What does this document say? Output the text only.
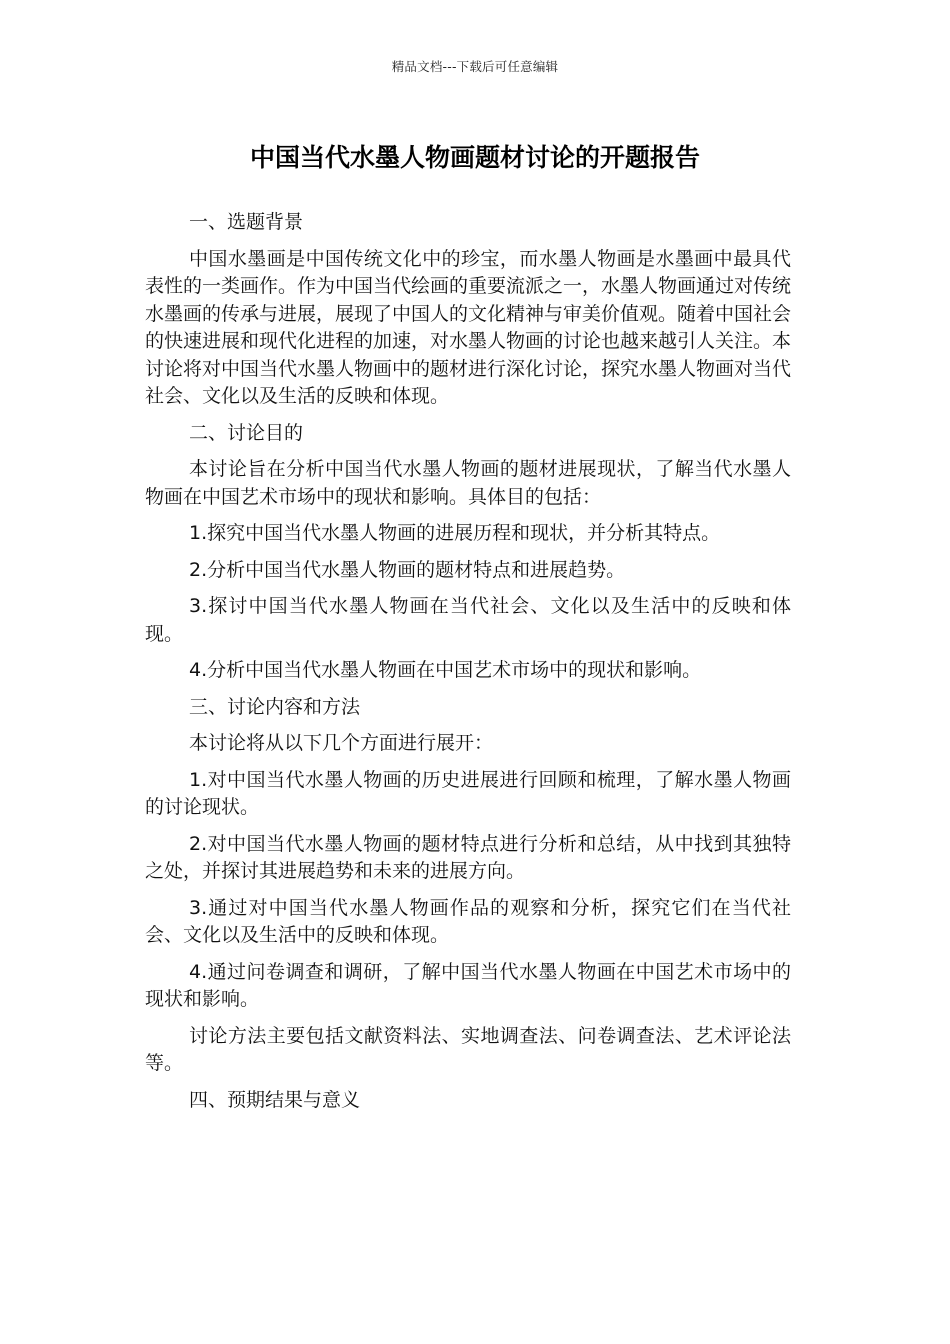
精品文档---下载后可任意编辑
中国当代水墨人物画题材讨论的开题报告

一、选题背景

中国水墨画是中国传统文化中的珍宝，而水墨人物画是水墨画中最具代表性的一类画作。作为中国当代绘画的重要流派之一，水墨人物画通过对传统水墨画的传承与进展，展现了中国人的文化精神与审美价值观。随着中国社会的快速进展和现代化进程的加速，对水墨人物画的讨论也越来越引人关注。本讨论将对中国当代水墨人物画中的题材进行深化讨论，探究水墨人物画对当代社会、文化以及生活的反映和体现。

二、讨论目的

本讨论旨在分析中国当代水墨人物画的题材进展现状，了解当代水墨人物画在中国艺术市场中的现状和影响。具体目的包括：

1.探究中国当代水墨人物画的进展历程和现状，并分析其特点。

2.分析中国当代水墨人物画的题材特点和进展趋势。

3.探讨中国当代水墨人物画在当代社会、文化以及生活中的反映和体现。

4.分析中国当代水墨人物画在中国艺术市场中的现状和影响。

三、讨论内容和方法

本讨论将从以下几个方面进行展开：

1.对中国当代水墨人物画的历史进展进行回顾和梳理，了解水墨人物画的讨论现状。

2.对中国当代水墨人物画的题材特点进行分析和总结，从中找到其独特之处，并探讨其进展趋势和未来的进展方向。

3.通过对中国当代水墨人物画作品的观察和分析，探究它们在当代社会、文化以及生活中的反映和体现。

4.通过问卷调查和调研，了解中国当代水墨人物画在中国艺术市场中的现状和影响。

讨论方法主要包括文献资料法、实地调查法、问卷调查法、艺术评论法等。

四、预期结果与意义
